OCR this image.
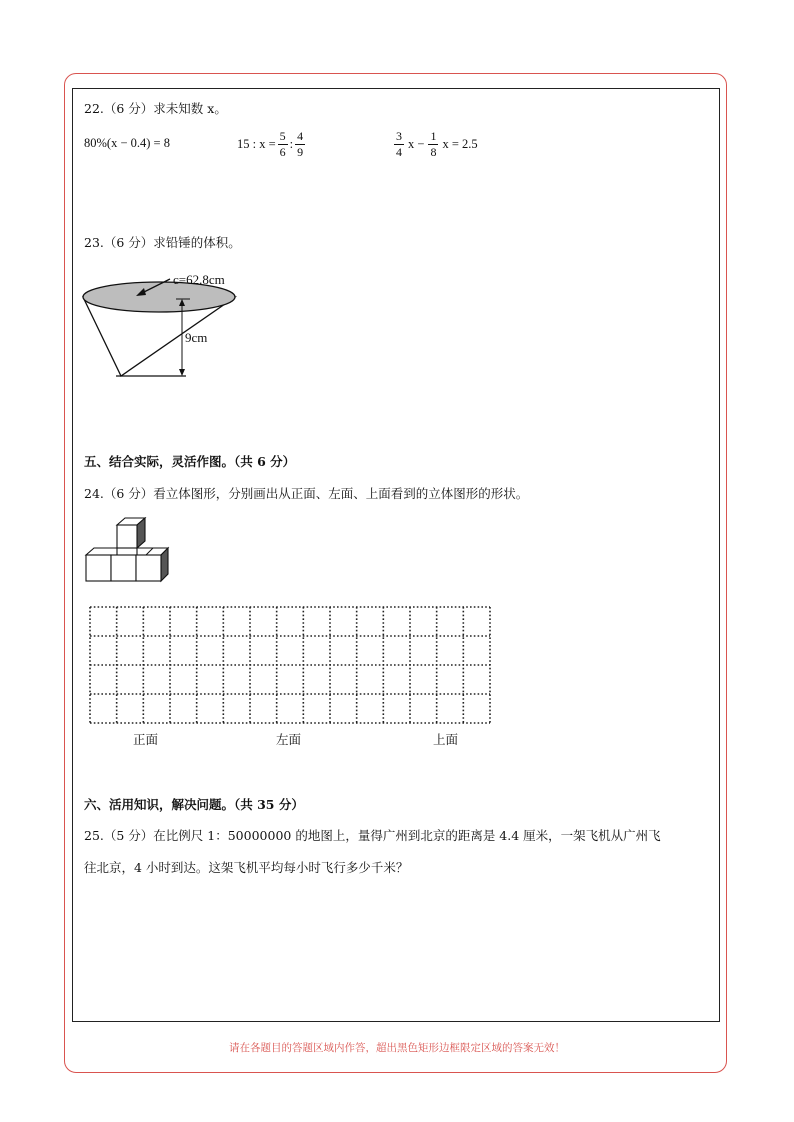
22.（6 分）求未知数 x。
80%(x − 0.4) = 8	15 : $x = \frac{5}{6}$ : $\frac{4}{9}$	$\frac{3}{4}$ $x - \frac{1}{8}$ x = 2.5
23.（6 分）求铅锤的体积。
c=62.8cm
9cm
五、结合实际，灵活作图。（共 6 分）
24.（6 分）看立体图形，分别画出从正面、左面、上面看到的立体图形的形状。
正面	左面	上面
六、活用知识，解决问题。（共 35 分）
25.（5 分）在比例尺 1：50000000 的地图上，量得广州到北京的距离是 4.4 厘米，一架飞机从广州飞
往北京，4 小时到达。这架飞机平均每小时飞行多少千米？
请在各题目的答题区域内作答，超出黑色矩形边框限定区域的答案无效！
